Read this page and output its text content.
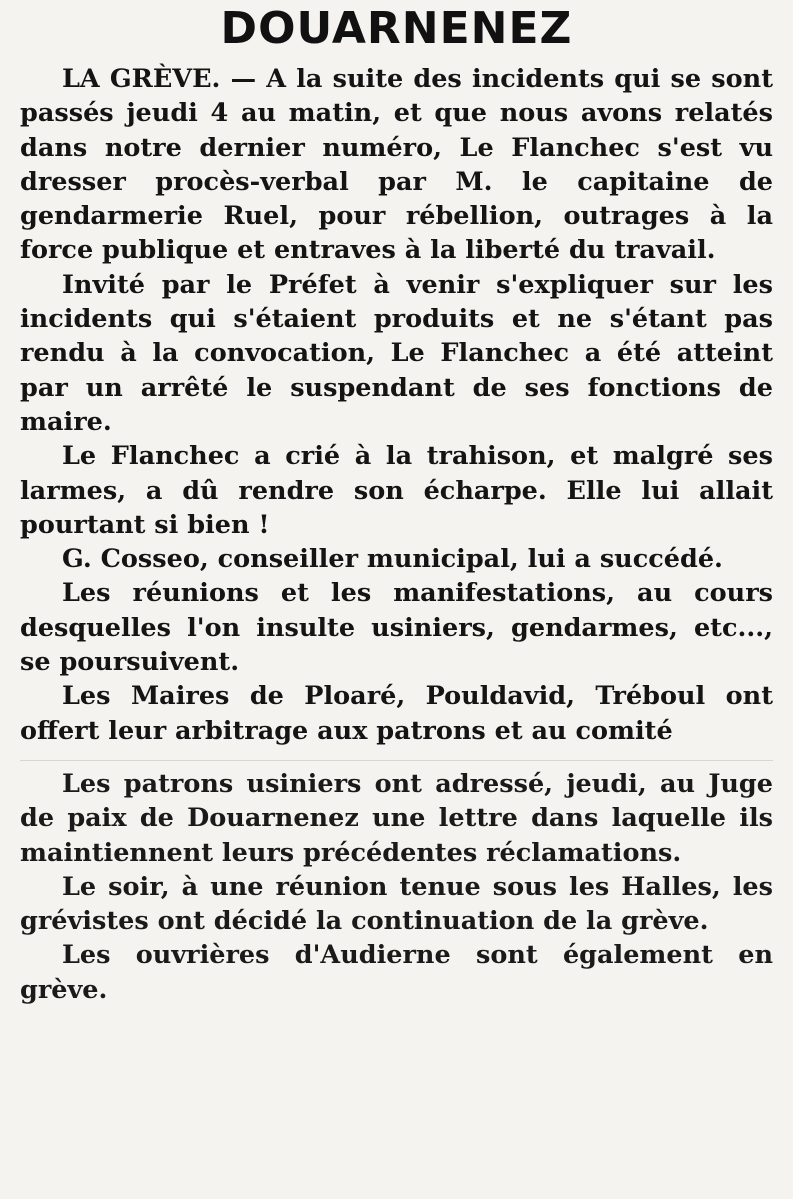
DOUARNENEZ

LA GRÈVE. — A la suite des incidents qui se sont passés jeudi 4 au matin, et que nous avons relatés dans notre dernier numéro, Le Flanchec s'est vu dresser procès-verbal par M. le capitaine de gendarmerie Ruel, pour rébellion, outrages à la force publique et entraves à la liberté du travail.

Invité par le Préfet à venir s'expliquer sur les incidents qui s'étaient produits et ne s'étant pas rendu à la convocation, Le Flanchec a été atteint par un arrêté le suspendant de ses fonctions de maire.

Le Flanchec a crié à la trahison, et malgré ses larmes, a dû rendre son écharpe. Elle lui allait pourtant si bien !

G. Cosseo, conseiller municipal, lui a succédé.

Les réunions et les manifestations, au cours desquelles l'on insulte usiniers, gendarmes, etc..., se poursuivent.

Les Maires de Ploaré, Pouldavid, Tréboul ont offert leur arbitrage aux patrons et au comité

Les patrons usiniers ont adressé, jeudi, au Juge de paix de Douarnenez une lettre dans laquelle ils maintiennent leurs précédentes réclamations.

Le soir, à une réunion tenue sous les Halles, les grévistes ont décidé la continuation de la grève.

Les ouvrières d'Audierne sont également en grève.
